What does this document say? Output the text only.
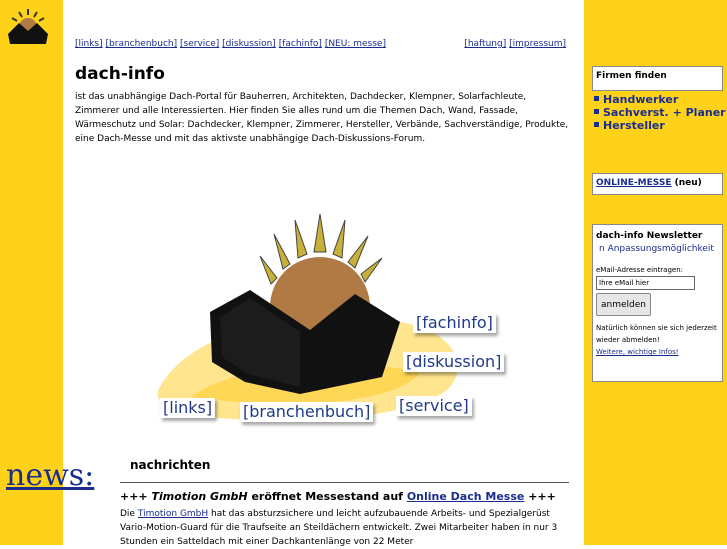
[links] [branchenbuch] [service] [diskussion] [fachinfo] [NEU: messe]	[haftung] [impressum]
dach-info

ist das unabhängige Dach-Portal für Bauherren, Architekten, Dachdecker, Klempner, Solarfachleute, Zimmerer und alle Interessierten. Hier finden Sie alles rund um die Themen Dach, Wand, Fassade, Wärmeschutz und Solar: Dachdecker, Klempner, Zimmerer, Hersteller, Verbände, Sachverständige, Produkte, eine Dach-Messe und mit das aktivste unabhängige Dach-Diskussions-Forum.

[fachinfo]
[diskussion]
[links] [branchenbuch] [service]
news:	nachrichten
+++ Timotion GmbH eröffnet Messestand auf Online Dach Messe +++

Die Timotion GmbH hat das absturzsichere und leicht aufzubauende Arbeits- und Spezialgerüst Vario-Motion-Guard für die Traufseite an Steildächern entwickelt. Zwei Mitarbeiter haben in nur 3 Stunden ein Satteldach mit einer Dachkantenlänge von 22 Meter

Firmen finden
Handwerker
Sachverst. + Planer
Hersteller
ONLINE-MESSE (neu)
dach-info Newsletter
n Anpassungsmöglichkeit
eMail-Adresse eintragen:
Ihre eMail hier
anmelden
Natürlich können sie sich jederzeit wieder abmelden!
Weitere, wichtige Infos!
